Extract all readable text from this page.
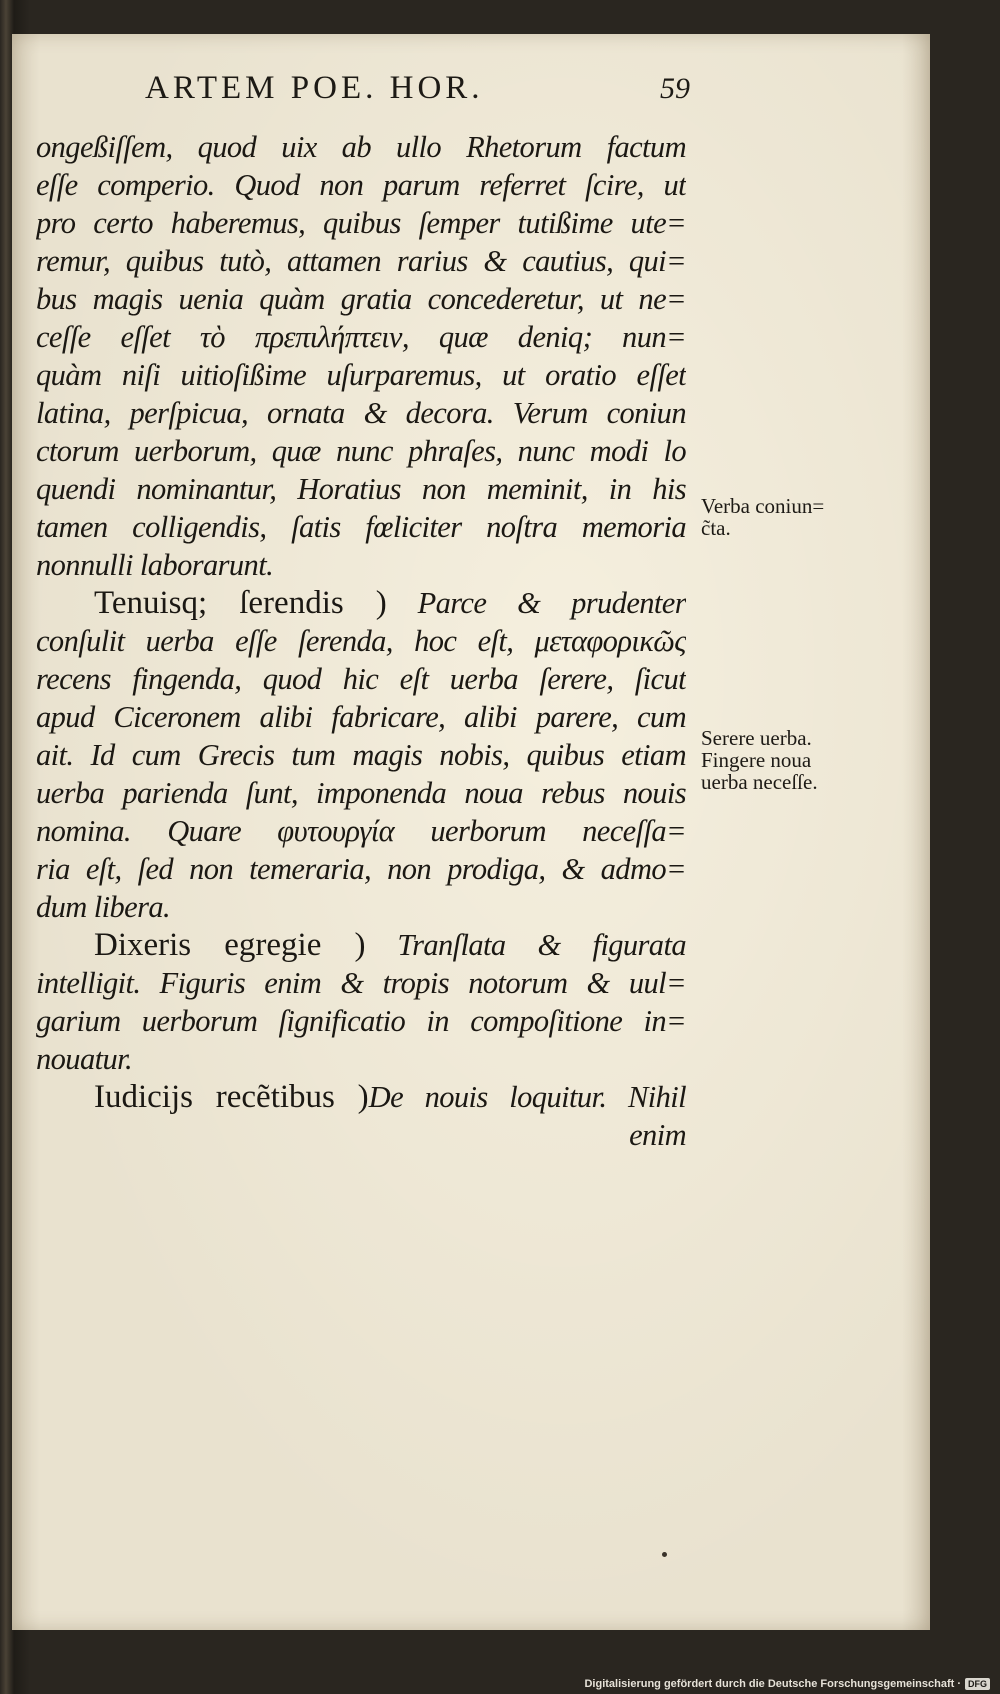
ARTEM POE. HOR.	59
ongeßiſſem, quod uix ab ullo Rhetorum factum
eſſe comperio. Quod non parum referret ſcire, ut
pro certo haberemus, quibus ſemper tutißime ute=
remur, quibus tutò, attamen rarius & cautius, qui=
bus magis uenia quàm gratia concederetur, ut ne=
ceſſe eſſet τὸ πρεπιλήπτειν, quæ deniq; nun=
quàm niſi uitioſißime uſurparemus, ut oratio eſſet
latina, perſpicua, ornata & decora. Verum coniun
ctorum uerborum, quæ nunc phraſes, nunc modi lo
quendi nominantur, Horatius non meminit, in his
tamen colligendis, ſatis fœliciter noſtra memoria
nonnulli laborarunt.
Tenuisq; ſerendis ) Parce & prudenter
conſulit uerba eſſe ſerenda, hoc eſt, μεταφορικῶς
recens fingenda, quod hic eſt uerba ſerere, ſicut
apud Ciceronem alibi fabricare, alibi parere, cum
ait. Id cum Grecis tum magis nobis, quibus etiam
uerba parienda ſunt, imponenda noua rebus nouis
nomina. Quare φυτουργία uerborum neceſſa=
ria eſt, ſed non temeraria, non prodiga, & admo=
dum libera.
Dixeris egregie ) Tranſlata & figurata
intelligit. Figuris enim & tropis notorum & uul=
garium uerborum ſignificatio in compoſitione in=
nouatur.
Iudicijs recẽtibus )De nouis loquitur. Nihil
enim
Verba coniun=
c̃ta.
Serere uerba.
Fingere noua
uerba neceſſe.
Digitalisierung gefördert durch die Deutsche Forschungsgemeinschaft · DFG
